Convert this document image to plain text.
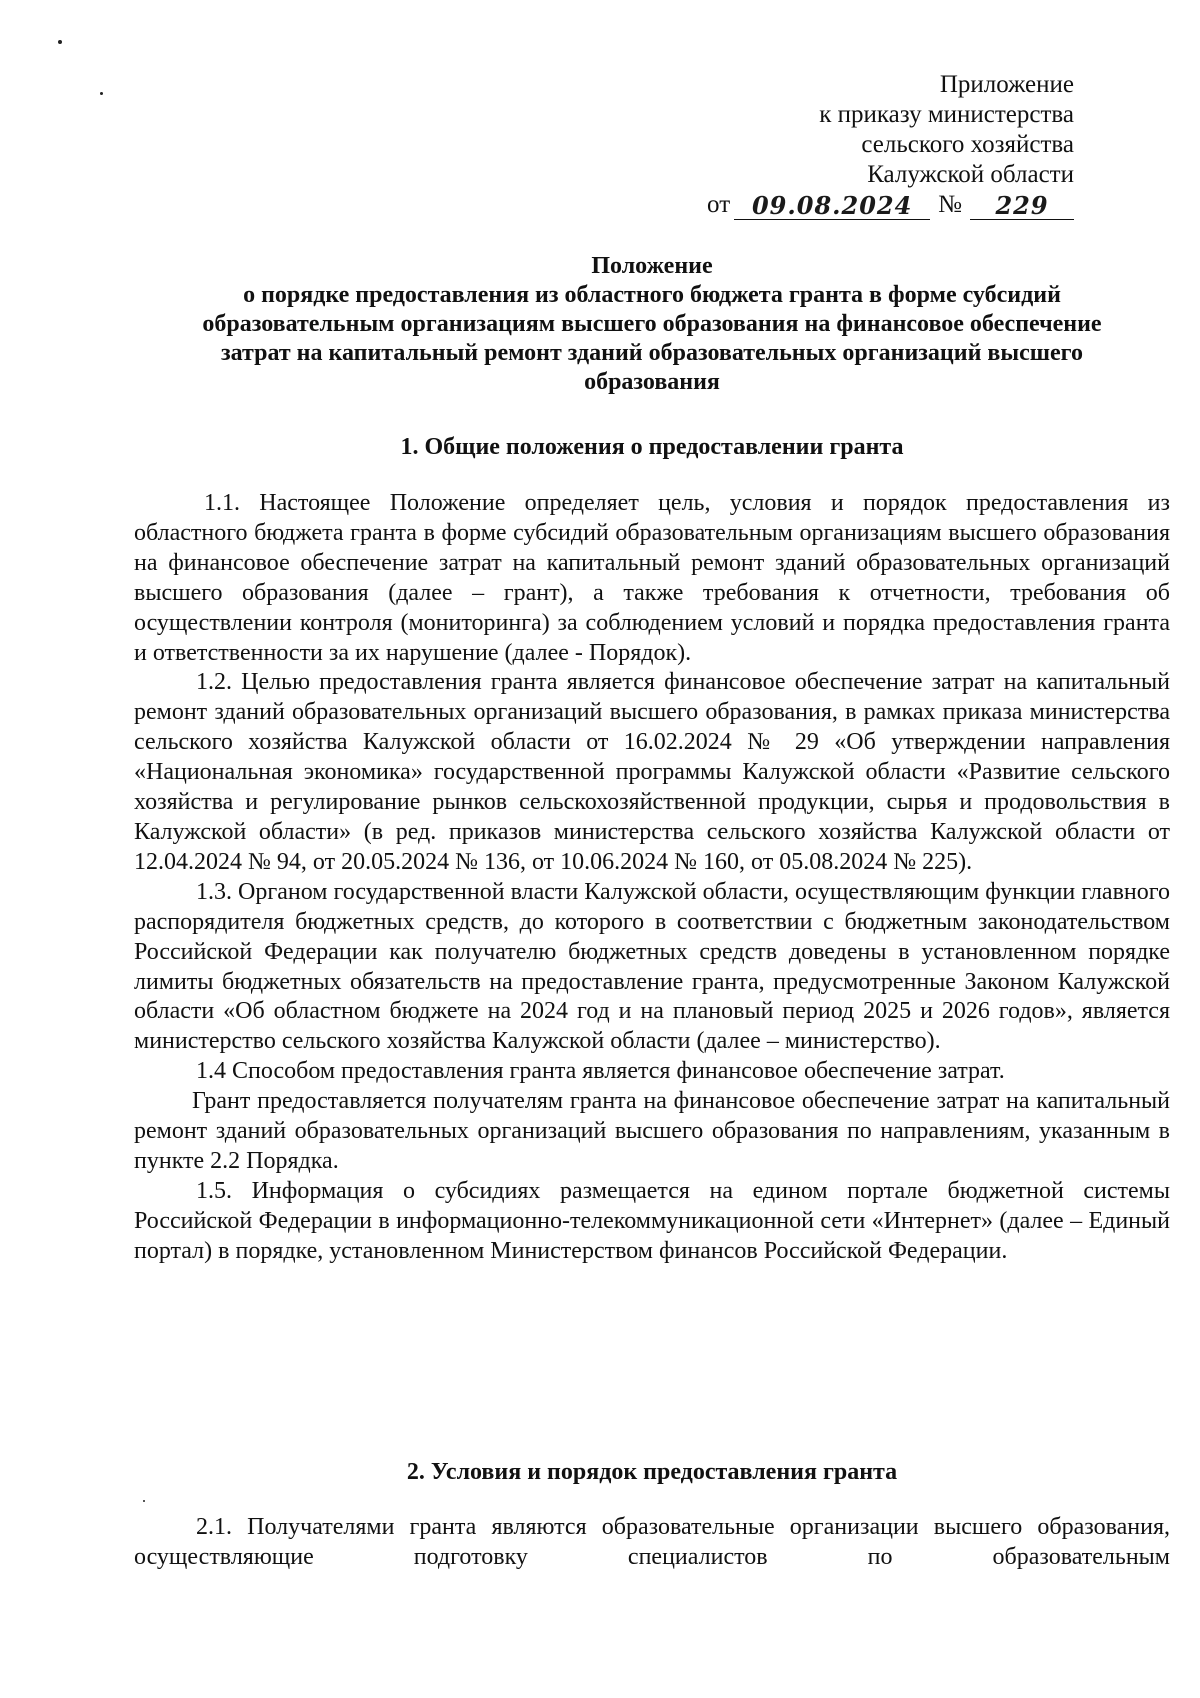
Приложение
к приказу министерства
сельского хозяйства
Калужской области
от 09.08.2024	№	229
Положение
о порядке предоставления из областного бюджета гранта в форме субсидий
образовательным организациям высшего образования на финансовое обеспечение
затрат на капитальный ремонт зданий образовательных организаций высшего
образования
1. Общие положения о предоставлении гранта

1.1. Настоящее Положение определяет цель, условия и порядок предоставления из областного бюджета гранта в форме субсидий образовательным организациям высшего образования на финансовое обеспечение затрат на капитальный ремонт зданий образовательных организаций высшего образования (далее – грант), а также требования к отчетности, требования об осуществлении контроля (мониторинга) за соблюдением условий и порядка предоставления гранта и ответственности за их нарушение (далее - Порядок).

1.2. Целью предоставления гранта является финансовое обеспечение затрат на капитальный ремонт зданий образовательных организаций высшего образования, в рамках приказа министерства сельского хозяйства Калужской области от 16.02.2024 № 29 «Об утверждении направления «Национальная экономика» государственной программы Калужской области «Развитие сельского хозяйства и регулирование рынков сельскохозяйственной продукции, сырья и продовольствия в Калужской области» (в ред. приказов министерства сельского хозяйства Калужской области от 12.04.2024 № 94, от 20.05.2024 № 136, от 10.06.2024 № 160, от 05.08.2024 № 225).

1.3. Органом государственной власти Калужской области, осуществляющим функции главного распорядителя бюджетных средств, до которого в соответствии с бюджетным законодательством Российской Федерации как получателю бюджетных средств доведены в установленном порядке лимиты бюджетных обязательств на предоставление гранта, предусмотренные Законом Калужской области «Об областном бюджете на 2024 год и на плановый период 2025 и 2026 годов», является министерство сельского хозяйства Калужской области (далее – министерство).

1.4 Способом предоставления гранта является финансовое обеспечение затрат.

Грант предоставляется получателям гранта на финансовое обеспечение затрат на капитальный ремонт зданий образовательных организаций высшего образования по направлениям, указанным в пункте 2.2 Порядка.

1.5. Информация о субсидиях размещается на едином портале бюджетной системы Российской Федерации в информационно-телекоммуникационной сети «Интернет» (далее – Единый портал) в порядке, установленном Министерством финансов Российской Федерации.

2. Условия и порядок предоставления гранта

2.1. Получателями гранта являются образовательные организации высшего образования, осуществляющие подготовку специалистов по образовательным
